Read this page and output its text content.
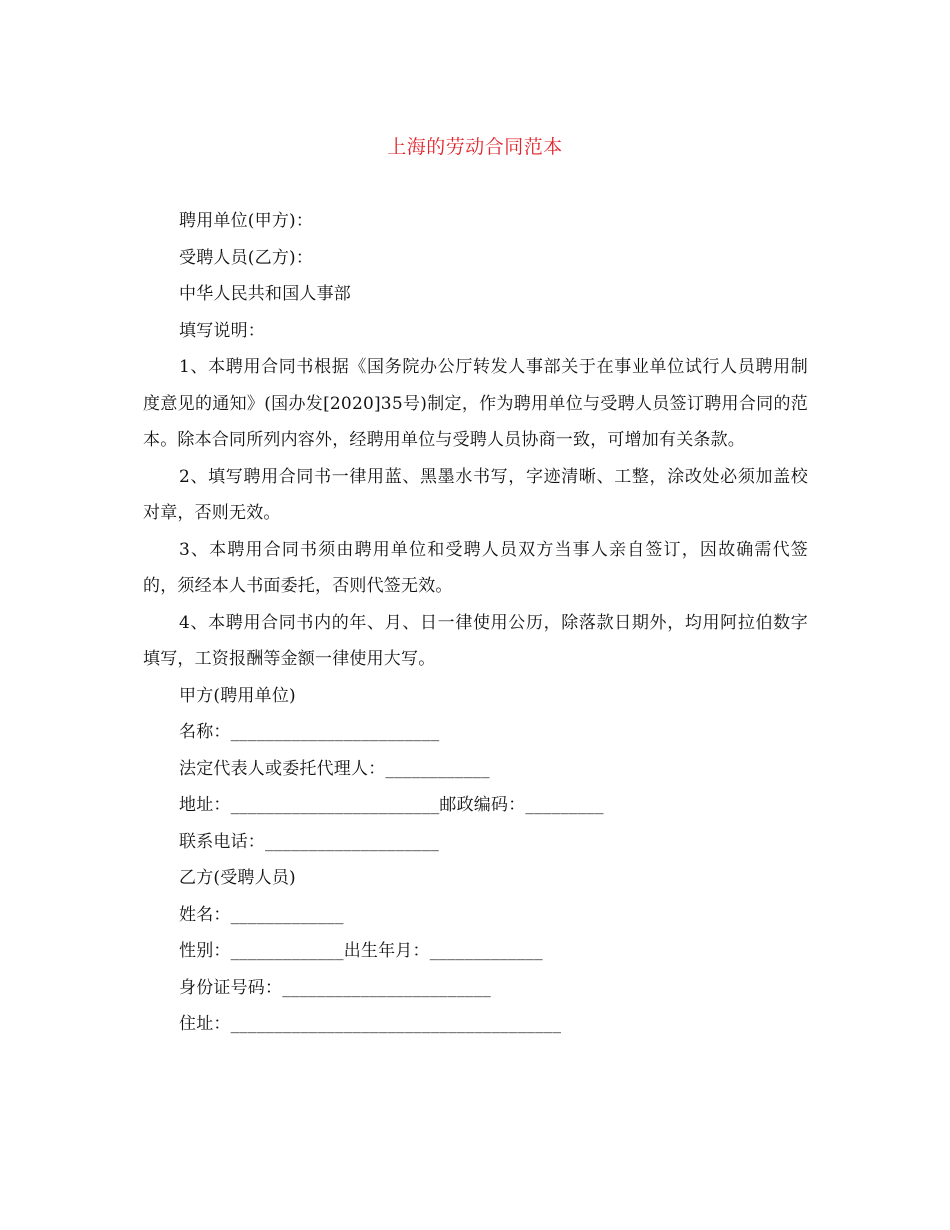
上海的劳动合同范本
聘用单位(甲方)：
受聘人员(乙方)：
中华人民共和国人事部
填写说明：
1、本聘用合同书根据《国务院办公厅转发人事部关于在事业单位试行人员聘用制度意见的通知》(国办发[2020]35号)制定，作为聘用单位与受聘人员签订聘用合同的范本。除本合同所列内容外，经聘用单位与受聘人员协商一致，可增加有关条款。
2、填写聘用合同书一律用蓝、黑墨水书写，字迹清晰、工整，涂改处必须加盖校对章，否则无效。
3、本聘用合同书须由聘用单位和受聘人员双方当事人亲自签订，因故确需代签的，须经本人书面委托，否则代签无效。
4、本聘用合同书内的年、月、日一律使用公历，除落款日期外，均用阿拉伯数字填写，工资报酬等金额一律使用大写。
甲方(聘用单位)
名称：________________________
法定代表人或委托代理人：____________
地址：________________________邮政编码：_________
联系电话：____________________
乙方(受聘人员)
姓名：_____________
性别：_____________出生年月：_____________
身份证号码：________________________
住址：______________________________________
